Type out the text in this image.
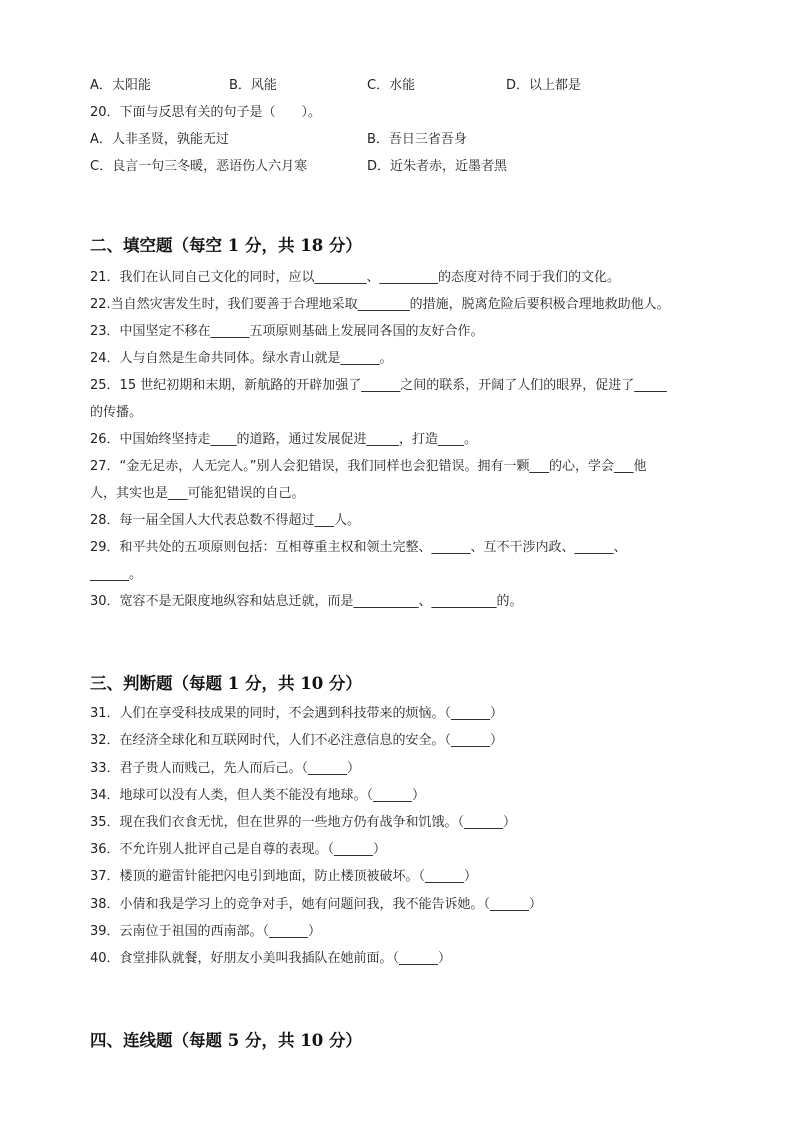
A．太阳能	B．风能	C．水能	D．以上都是
20．下面与反思有关的句子是（　　）。
A．人非圣贤，孰能无过	B．吾日三省吾身
C．良言一句三冬暖，恶语伤人六月寒	D．近朱者赤，近墨者黑
二、填空题（每空 1 分，共 18 分）
21．我们在认同自己文化的同时，应以________、_________的态度对待不同于我们的文化。
22.当自然灾害发生时，我们要善于合理地采取________的措施，脱离危险后要积极合理地救助他人。
23．中国坚定不移在______五项原则基础上发展同各国的友好合作。
24．人与自然是生命共同体。绿水青山就是______。
25．15 世纪初期和末期，新航路的开辟加强了______之间的联系，开阔了人们的眼界，促进了_____
的传播。
26．中国始终坚持走____的道路，通过发展促进_____，打造____。
27．“金无足赤，人无完人。”别人会犯错误，我们同样也会犯错误。拥有一颗___的心，学会___他
人，其实也是___可能犯错误的自己。
28．每一届全国人大代表总数不得超过___人。
29．和平共处的五项原则包括：互相尊重主权和领土完整、______、互不干涉内政、______、
______。
30．宽容不是无限度地纵容和姑息迁就，而是__________、__________的。
三、判断题（每题 1 分，共 10 分）
31．人们在享受科技成果的同时，不会遇到科技带来的烦恼。（______）
32．在经济全球化和互联网时代，人们不必注意信息的安全。（______）
33．君子贵人而贱己，先人而后己。（______）
34．地球可以没有人类，但人类不能没有地球。（______）
35．现在我们衣食无忧，但在世界的一些地方仍有战争和饥饿。（______）
36．不允许别人批评自己是自尊的表现。（______）
37．楼顶的避雷针能把闪电引到地面，防止楼顶被破坏。（______）
38．小倩和我是学习上的竞争对手，她有问题问我，我不能告诉她。（______）
39．云南位于祖国的西南部。（______）
40．食堂排队就餐，好朋友小美叫我插队在她前面。（______）
四、连线题（每题 5 分，共 10 分）
